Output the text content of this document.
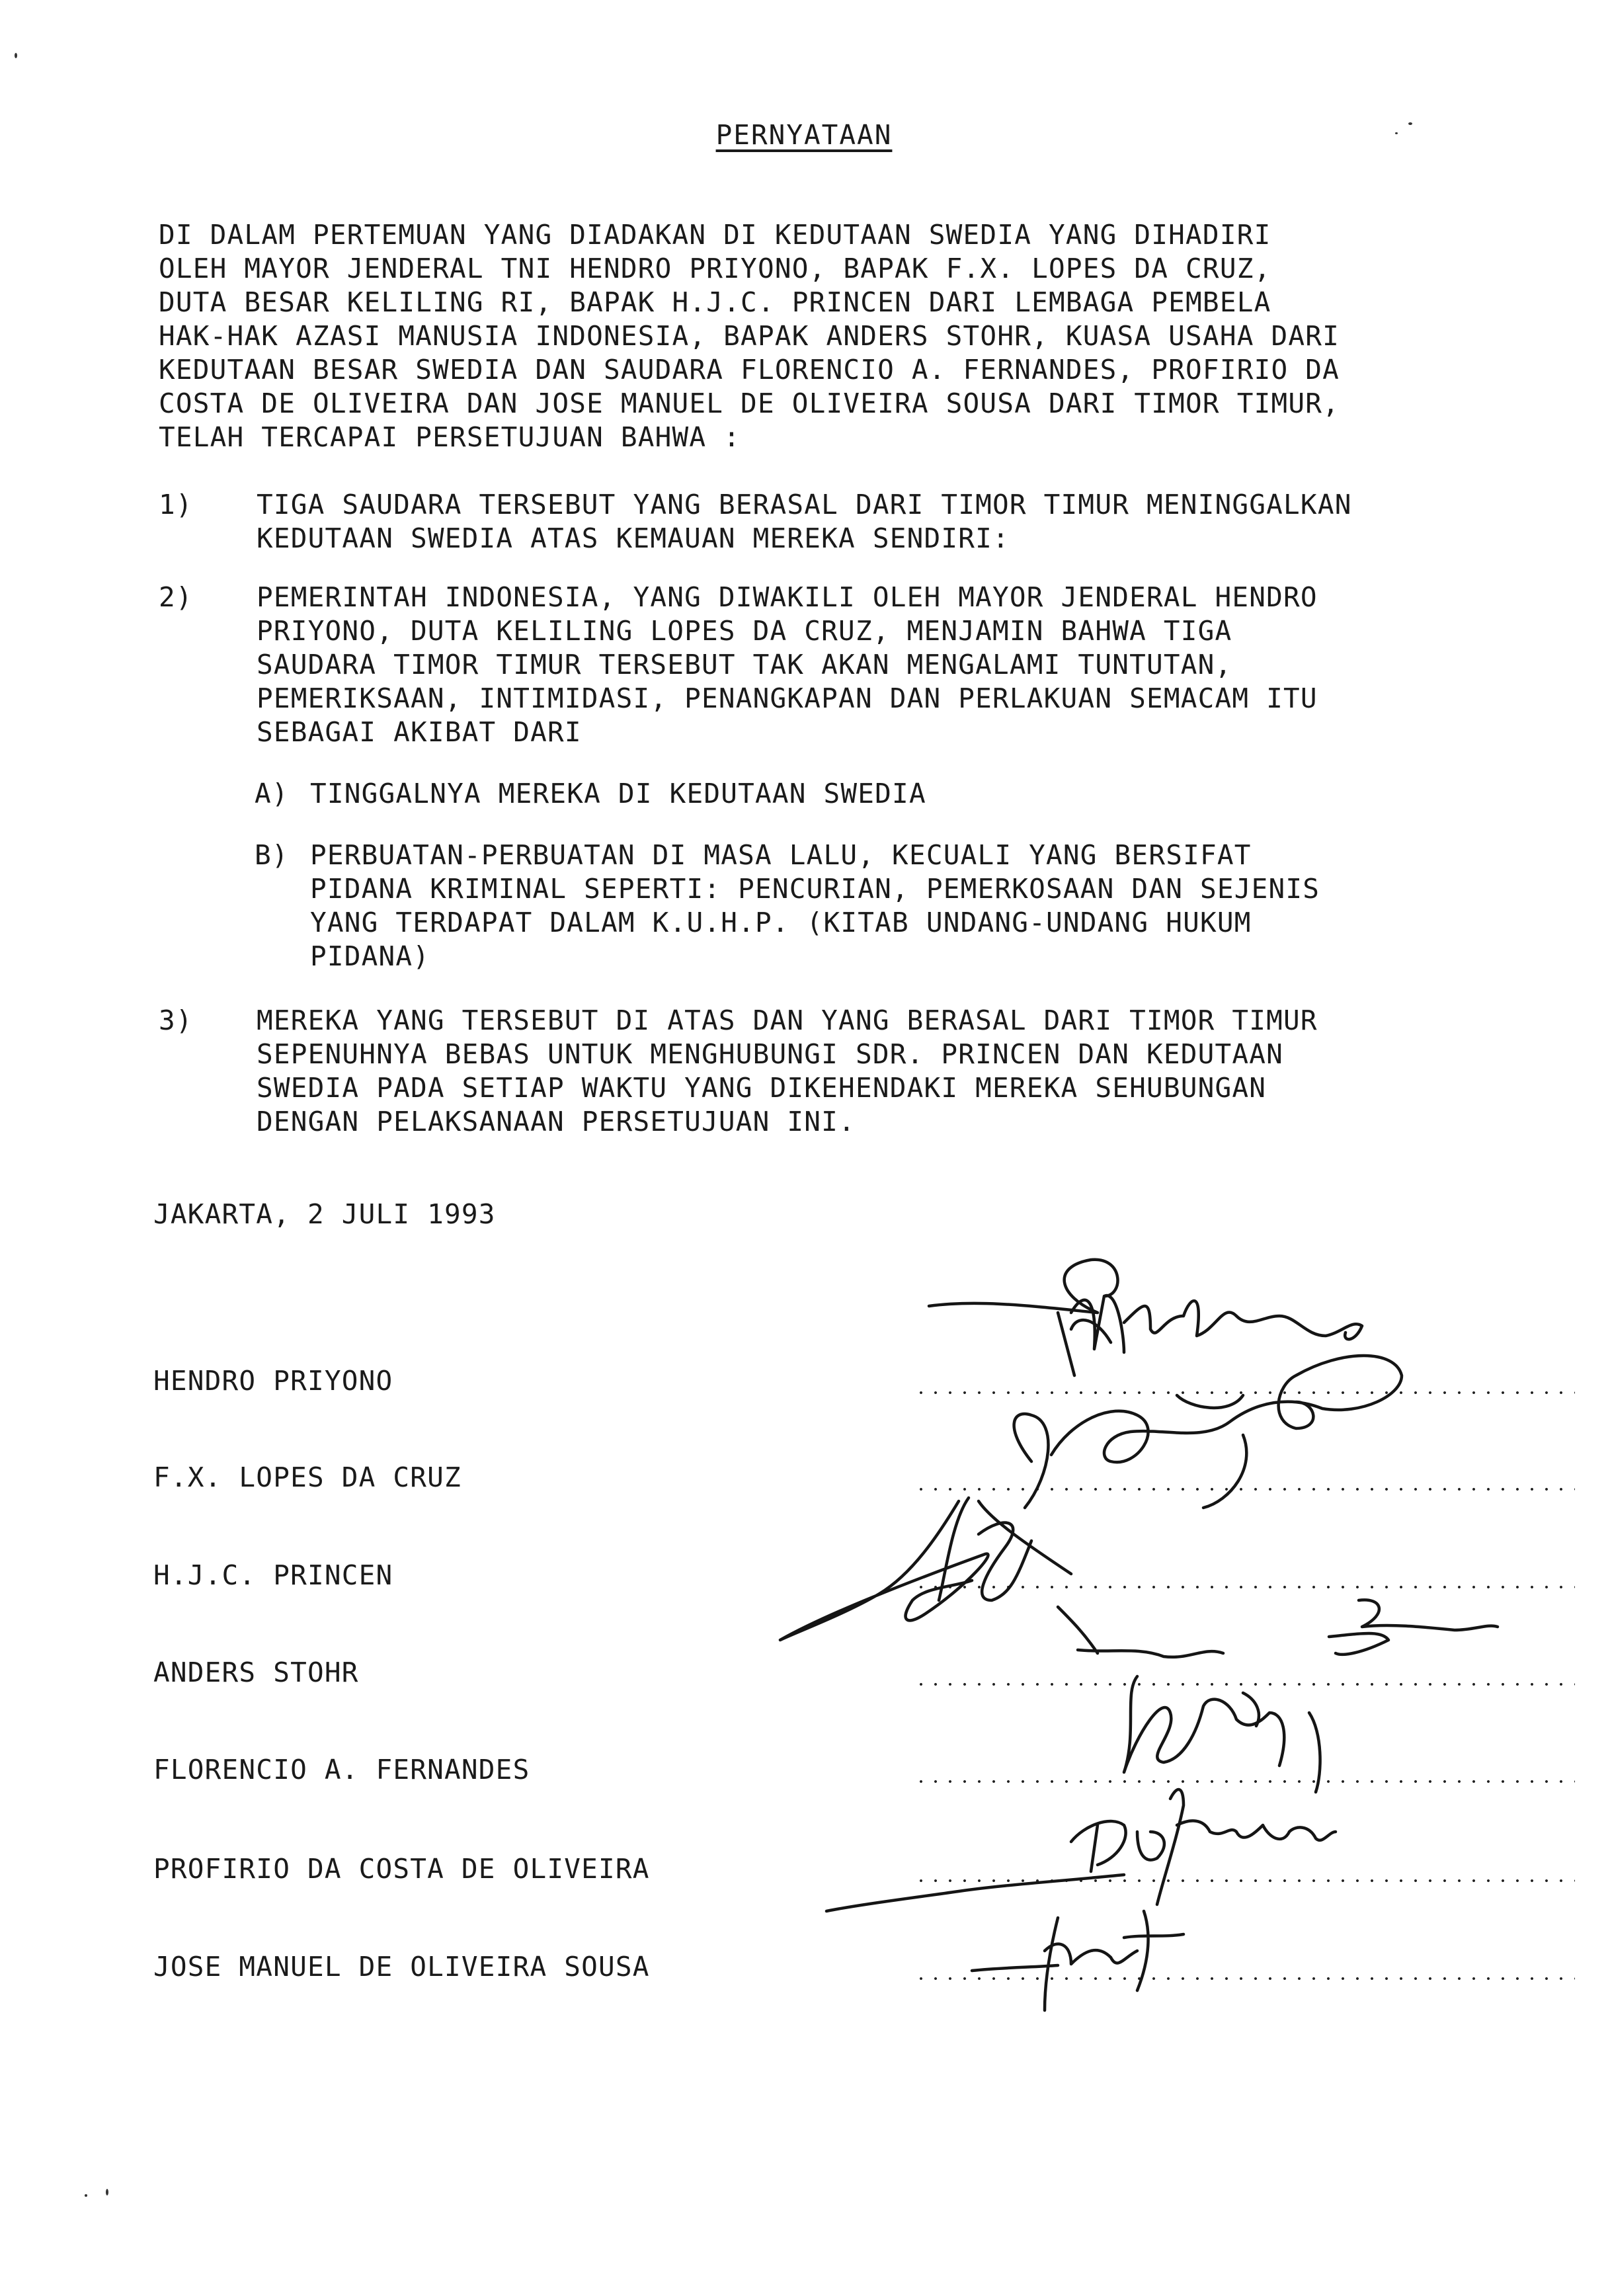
PERNYATAAN
DI DALAM PERTEMUAN YANG DIADAKAN DI KEDUTAAN SWEDIA YANG DIHADIRI
OLEH MAYOR JENDERAL TNI HENDRO PRIYONO, BAPAK F.X. LOPES DA CRUZ,
DUTA BESAR KELILING RI, BAPAK H.J.C. PRINCEN DARI LEMBAGA PEMBELA
HAK-HAK AZASI MANUSIA INDONESIA, BAPAK ANDERS STOHR, KUASA USAHA DARI
KEDUTAAN BESAR SWEDIA DAN SAUDARA FLORENCIO A. FERNANDES, PROFIRIO DA
COSTA DE OLIVEIRA DAN JOSE MANUEL DE OLIVEIRA SOUSA DARI TIMOR TIMUR,
TELAH TERCAPAI PERSETUJUAN BAHWA :
1)	TIGA SAUDARA TERSEBUT YANG BERASAL DARI TIMOR TIMUR MENINGGALKAN
KEDUTAAN SWEDIA ATAS KEMAUAN MEREKA SENDIRI:
2)	PEMERINTAH INDONESIA, YANG DIWAKILI OLEH MAYOR JENDERAL HENDRO
PRIYONO, DUTA KELILING LOPES DA CRUZ, MENJAMIN BAHWA TIGA
SAUDARA TIMOR TIMUR TERSEBUT TAK AKAN MENGALAMI TUNTUTAN,
PEMERIKSAAN, INTIMIDASI, PENANGKAPAN DAN PERLAKUAN SEMACAM ITU
SEBAGAI AKIBAT DARI
A) TINGGALNYA MEREKA DI KEDUTAAN SWEDIA
B) PERBUATAN-PERBUATAN DI MASA LALU, KECUALI YANG BERSIFAT
PIDANA KRIMINAL SEPERTI: PENCURIAN, PEMERKOSAAN DAN SEJENIS
YANG TERDAPAT DALAM K.U.H.P. (KITAB UNDANG-UNDANG HUKUM
PIDANA)
3)	MEREKA YANG TERSEBUT DI ATAS DAN YANG BERASAL DARI TIMOR TIMUR
SEPENUHNYA BEBAS UNTUK MENGHUBUNGI SDR. PRINCEN DAN KEDUTAAN
SWEDIA PADA SETIAP WAKTU YANG DIKEHENDAKI MEREKA SEHUBUNGAN
DENGAN PELAKSANAAN PERSETUJUAN INI.
JAKARTA, 2 JULI 1993
HENDRO PRIYONO
F.X. LOPES DA CRUZ
H.J.C. PRINCEN
ANDERS STOHR
FLORENCIO A. FERNANDES
PROFIRIO DA COSTA DE OLIVEIRA
JOSE MANUEL DE OLIVEIRA SOUSA
